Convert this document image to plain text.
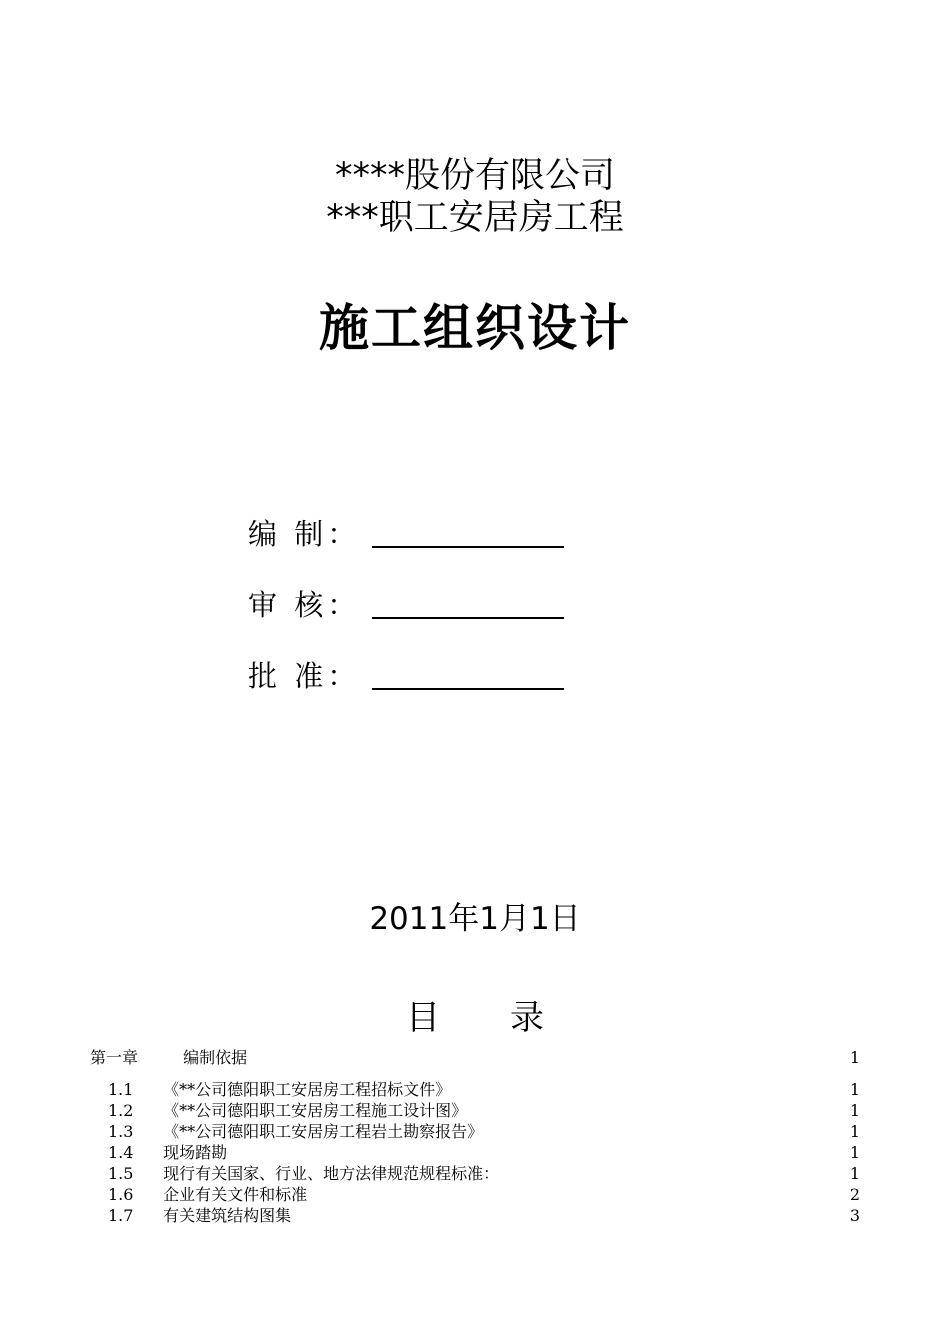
****股份有限公司
***职工安居房工程
施工组织设计
编 制：
审 核：
批 准：
2011年1月1日
目录
第一章	编制依据	1
1.1 《**公司德阳职工安居房工程招标文件》	1
1.2 《**公司德阳职工安居房工程施工设计图》	1
1.3 《**公司德阳职工安居房工程岩土勘察报告》	1
1.4 现场踏勘	1
1.5 现行有关国家、行业、地方法律规范规程标准：	1
1.6 企业有关文件和标准	2
1.7 有关建筑结构图集	3
